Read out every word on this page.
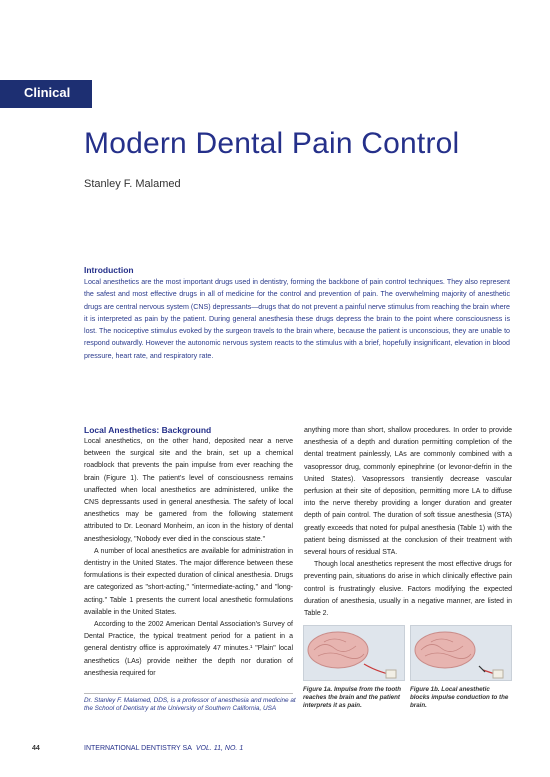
Clinical
Modern Dental Pain Control
Stanley F. Malamed
Introduction

Local anesthetics are the most important drugs used in dentistry, forming the backbone of pain control techniques. They also represent the safest and most effective drugs in all of medicine for the control and prevention of pain. The overwhelming majority of anesthetic drugs are central nervous system (CNS) depressants—drugs that do not prevent a painful nerve stimulus from reaching the brain where it is interpreted as pain by the patient. During general anesthesia these drugs depress the brain to the point where consciousness is lost. The nociceptive stimulus evoked by the surgeon travels to the brain where, because the patient is unconscious, they are unable to respond outwardly. However the autonomic nervous system reacts to the stimulus with a brief, hopefully insignificant, elevation in blood pressure, heart rate, and respiratory rate.

Local Anesthetics: Background

Local anesthetics, on the other hand, deposited near a nerve between the surgical site and the brain, set up a chemical roadblock that prevents the pain impulse from ever reaching the brain (Figure 1). The patient's level of consciousness remains unaffected when local anesthetics are administered, unlike the CNS depressants used in general anesthesia. The safety of local anesthetics may be garnered from the following statement attributed to Dr. Leonard Monheim, an icon in the history of dental anesthesiology, "Nobody ever died in the conscious state."

A number of local anesthetics are available for administration in dentistry in the United States. The major difference between these formulations is their expected duration of clinical anesthesia. Drugs are categorized as "short-acting," "intermediate-acting," and "long-acting." Table 1 presents the current local anesthetic formulations available in the United States.

According to the 2002 American Dental Association's Survey of Dental Practice, the typical treatment period for a patient in a general dentistry office is approximately 47 minutes.¹ "Plain" local anesthetics (LAs) provide neither the depth nor duration of anesthesia required for

anything more than short, shallow procedures. In order to provide anesthesia of a depth and duration permitting completion of the dental treatment painlessly, LAs are commonly combined with a vasopressor drug, commonly epinephrine (or levonor-defrin in the United States). Vasopressors transiently decrease vascular perfusion at their site of deposition, permitting more LA to diffuse into the nerve thereby providing a longer duration and greater depth of pain control. The duration of soft tissue anesthesia (STA) greatly exceeds that noted for pulpal anesthesia (Table 1) with the patient being dismissed at the conclusion of their treatment with several hours of residual STA.

Though local anesthetics represent the most effective drugs for preventing pain, situations do arise in which clinically effective pain control is frustratingly elusive. Factors modifying the expected duration of anesthesia, usually in a negative manner, are listed in Table 2.

Dr. Stanley F. Malamed, DDS, is a professor of anesthesia and medicine at the School of Dentistry at the University of Southern California, USA

Figure 1a. Impulse from the tooth reaches the brain and the patient interprets it as pain.

Figure 1b. Local anesthetic blocks impulse conduction to the brain.

44	INTERNATIONAL DENTISTRY SA VOL. 11, NO. 1
